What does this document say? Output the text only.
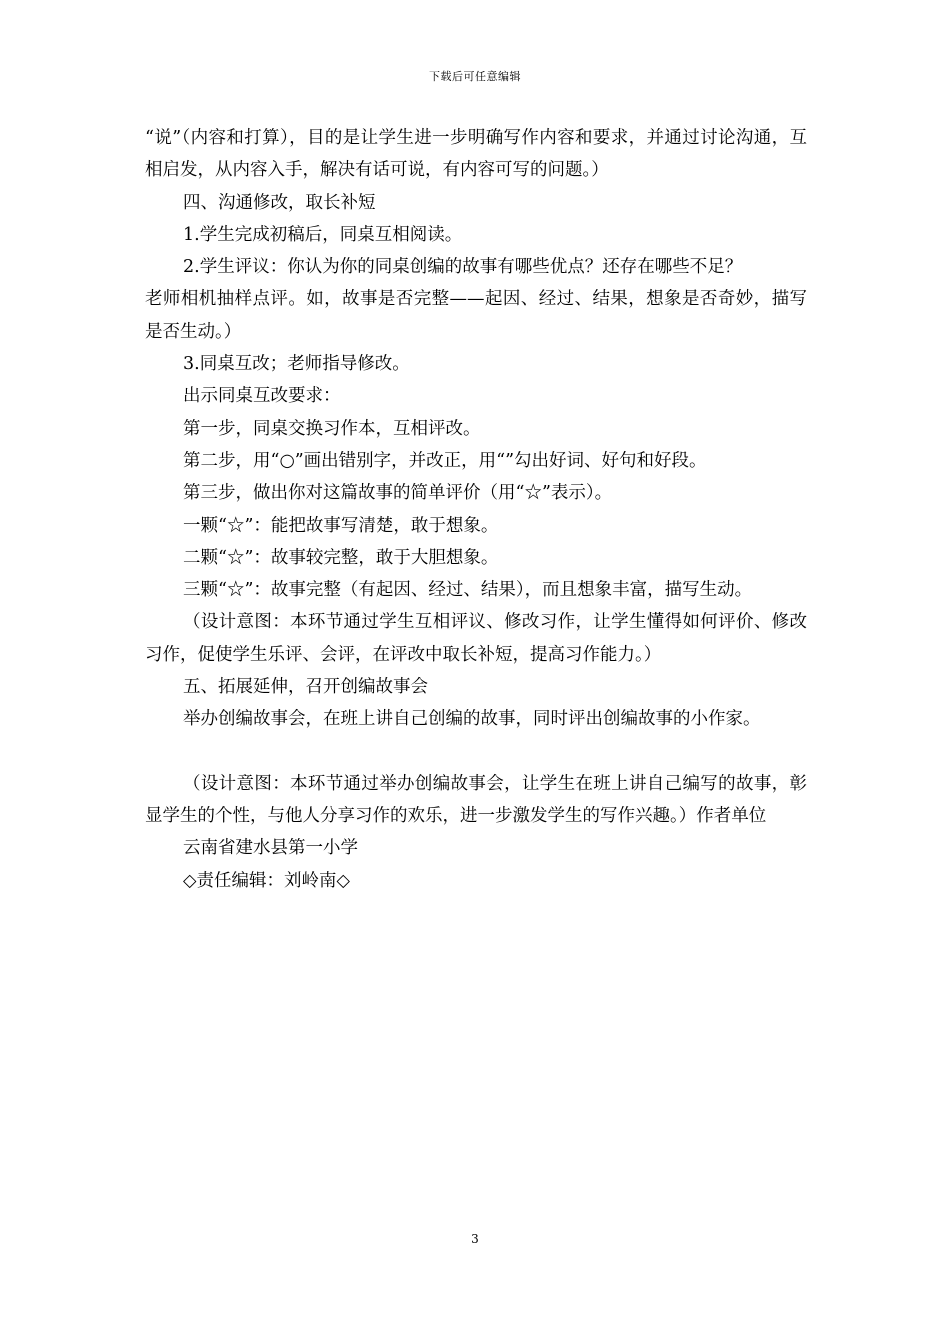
下载后可任意编辑

“说”（内容和打算），目的是让学生进一步明确写作内容和要求，并通过讨论沟通，互相启发，从内容入手，解决有话可说，有内容可写的问题。）

四、沟通修改，取长补短

1.学生完成初稿后，同桌互相阅读。

2.学生评议：你认为你的同桌创编的故事有哪些优点？还存在哪些不足？

老师相机抽样点评。如，故事是否完整——起因、经过、结果，想象是否奇妙，描写是否生动。）

3.同桌互改；老师指导修改。

出示同桌互改要求：

第一步，同桌交换习作本，互相评改。

第二步，用“○”画出错别字，并改正，用“”勾出好词、好句和好段。

第三步，做出你对这篇故事的简单评价（用“☆”表示）。

一颗“☆”：能把故事写清楚，敢于想象。

二颗“☆”：故事较完整，敢于大胆想象。

三颗“☆”：故事完整（有起因、经过、结果），而且想象丰富，描写生动。

（设计意图：本环节通过学生互相评议、修改习作，让学生懂得如何评价、修改习作，促使学生乐评、会评，在评改中取长补短，提高习作能力。）

五、拓展延伸，召开创编故事会

举办创编故事会，在班上讲自己创编的故事，同时评出创编故事的小作家。

（设计意图：本环节通过举办创编故事会，让学生在班上讲自己编写的故事，彰显学生的个性，与他人分享习作的欢乐，进一步激发学生的写作兴趣。）作者单位

云南省建水县第一小学

◇责任编辑：刘岭南◇

3
